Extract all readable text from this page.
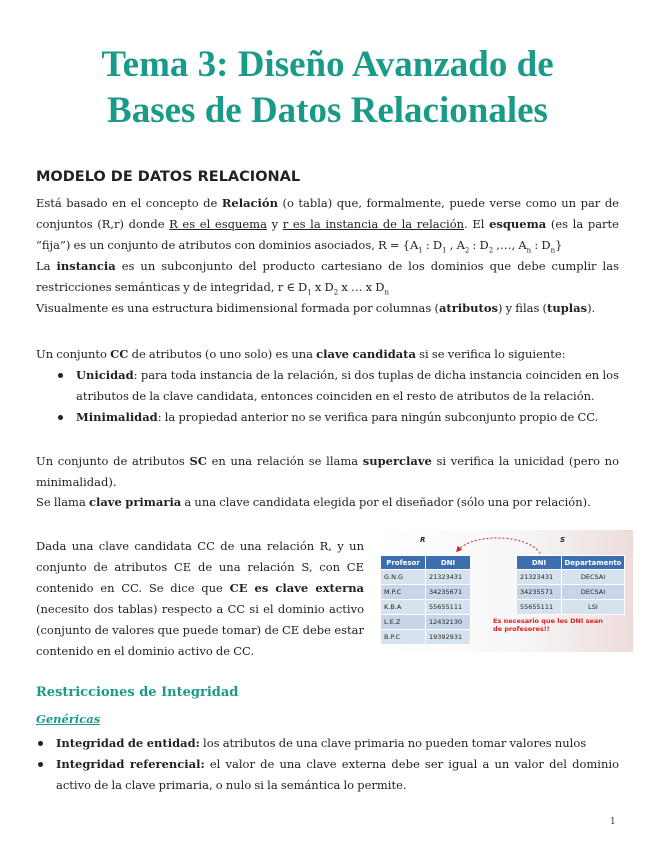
Tema 3: Diseño Avanzado de
Bases de Datos Relacionales
MODELO DE DATOS RELACIONAL

Está basado en el concepto de Relación (o tabla) que, formalmente, puede verse como un par de conjuntos (R,r) donde R es el esquema y r es la instancia de la relación. El esquema (es la parte “fija”) es un conjunto de atributos con dominios asociados, $R = \{A_1$ : $D_1$ , $A_2$ : $D_2$ ,…, $A_n$ : $D_n$}

La instancia es un subconjunto del producto cartesiano de los dominios que debe cumplir las restricciones semánticas y de integridad, r ∈ $D_1$ x $D_2$ x … x $D_n$

Visualmente es una estructura bidimensional formada por columnas (atributos) y filas (tuplas).

Un conjunto CC de atributos (o uno solo) es una clave candidata si se verifica lo siguiente:

Unicidad: para toda instancia de la relación, si dos tuplas de dicha instancia coinciden en los atributos de la clave candidata, entonces coinciden en el resto de atributos de la relación.
Minimalidad: la propiedad anterior no se verifica para ningún subconjunto propio de CC.

Un conjunto de atributos SC en una relación se llama superclave si verifica la unicidad (pero no minimalidad).

Se llama clave primaria a una clave candidata elegida por el diseñador (sólo una por relación).

Dada una clave candidata CC de una relación R, y un conjunto de atributos CE de una relación S, con CE contenido en CC. Se dice que CE es clave externa (necesito dos tablas) respecto a CC si el dominio activo (conjunto de valores que puede tomar) de CE debe estar contenido en el dominio activo de CC.

R	S
Profesor	DNI
G.N.G	21323431
M.P.C	34235671
K.B.A	55655111
L.E.Z	12432130
B.P.C	19392931
DNI	Departamento
21323431	DECSAI
34235571	DECSAI
55655111	LSI
Es necesario que los DNI sean de profesores!!
Restricciones de Integridad
Genéricas
Integridad de entidad: los atributos de una clave primaria no pueden tomar valores nulos
Integridad referencial: el valor de una clave externa debe ser igual a un valor del dominio activo de la clave primaria, o nulo si la semántica lo permite.
1
